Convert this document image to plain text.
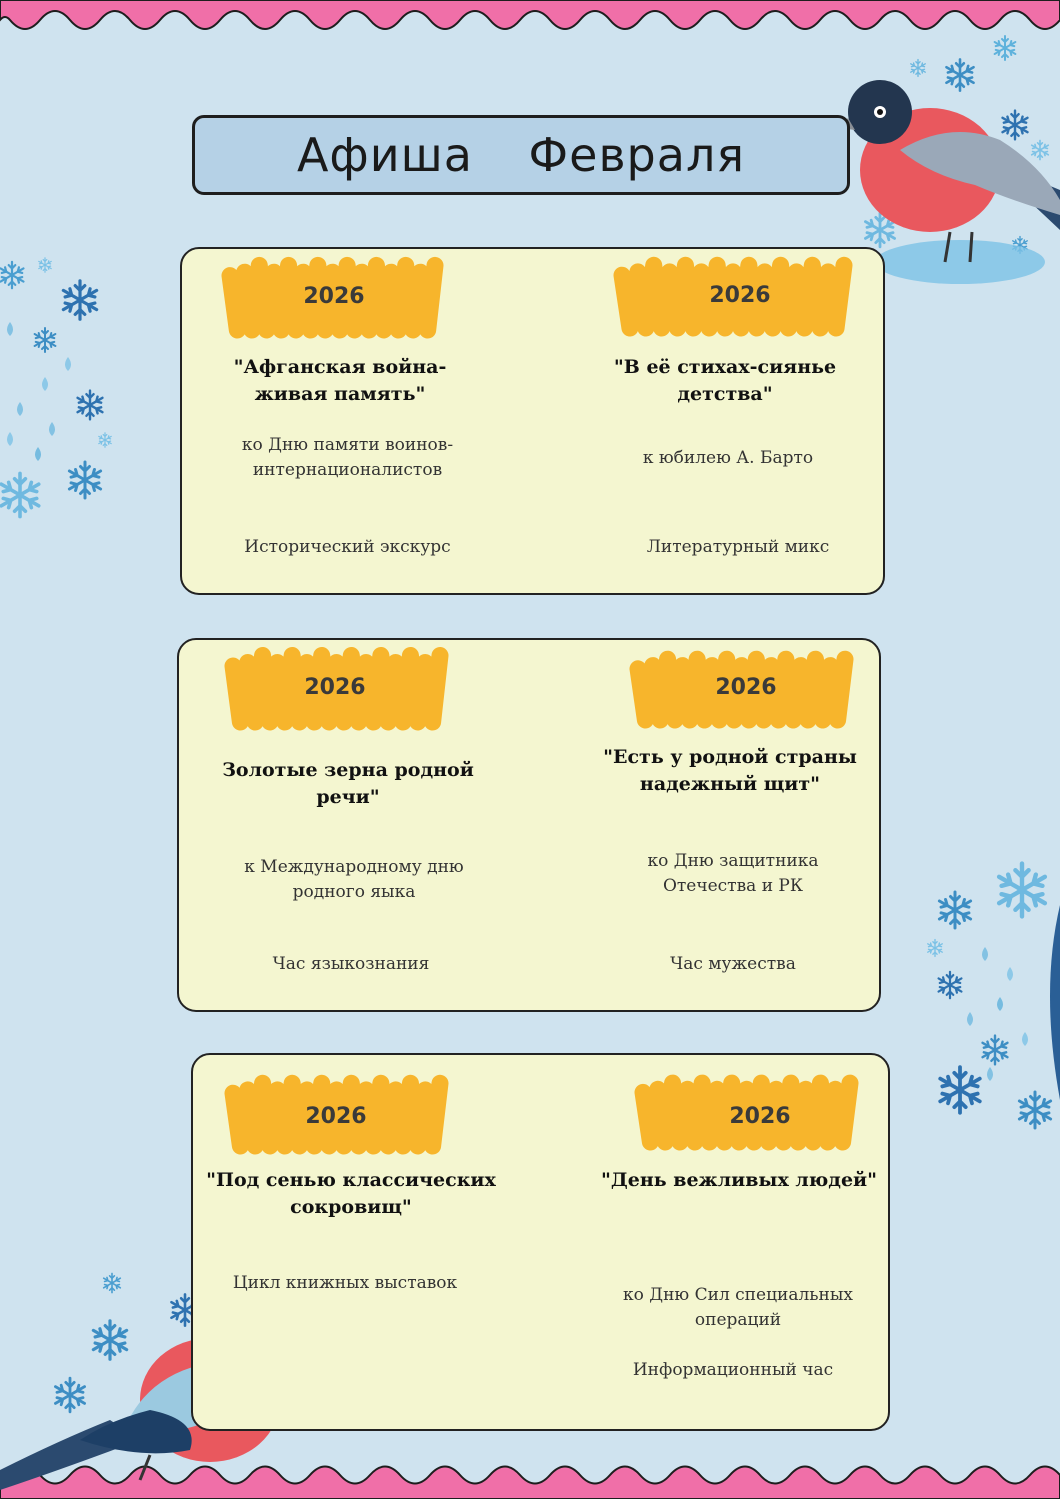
Афиша Февраля
2026
"Афганская война-живая память"
ко Дню памяти воинов-интернационалистов
Исторический экскурс
2026
"В её стихах-сиянье детства"
к юбилею А. Барто
Литературный микс
2026
Золотые зерна родной речи"
к Международному дню родного яыка
Час языкознания
2026
"Есть у родной страны надежный щит"
ко Дню защитника Отечества и РК
Час мужества
2026
"Под сенью классических сокровищ"
Цикл книжных выставок
2026
"День вежливых людей"
ко Дню Сил специальных операций
Информационный час
